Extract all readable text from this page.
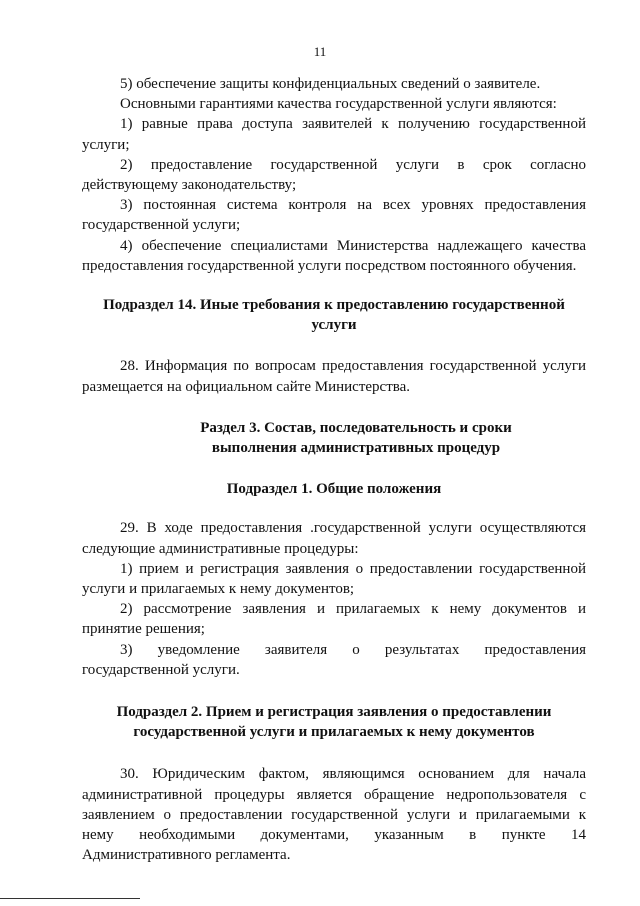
11

5) обеспечение защиты конфиденциальных сведений о заявителе.

Основными гарантиями качества государственной услуги являются:

1) равные права доступа заявителей к получению государственной услуги;

2) предоставление государственной услуги в срок согласно действующему законодательству;

3) постоянная система контроля на всех уровнях предоставления государственной услуги;

4) обеспечение специалистами Министерства надлежащего качества предоставления государственной услуги посредством постоянного обучения.

Подраздел 14. Иные требования к предоставлению государственной услуги

28. Информация по вопросам предоставления государственной услуги размещается на официальном сайте Министерства.

Раздел 3. Состав, последовательность и сроки выполнения административных процедур
Подраздел 1. Общие положения

29. В ходе предоставления .государственной услуги осуществляются следующие административные процедуры:

1) прием и регистрация заявления о предоставлении государственной услуги и прилагаемых к нему документов;

2) рассмотрение заявления и прилагаемых к нему документов и принятие решения;

3) уведомление заявителя о результатах предоставления государственной услуги.

Подраздел 2. Прием и регистрация заявления о предоставлении государственной услуги и прилагаемых к нему документов

30. Юридическим фактом, являющимся основанием для начала административной процедуры является обращение недропользователя с заявлением о предоставлении государственной услуги и прилагаемыми к нему необходимыми документами, указанным в пункте 14 Административного регламента.
